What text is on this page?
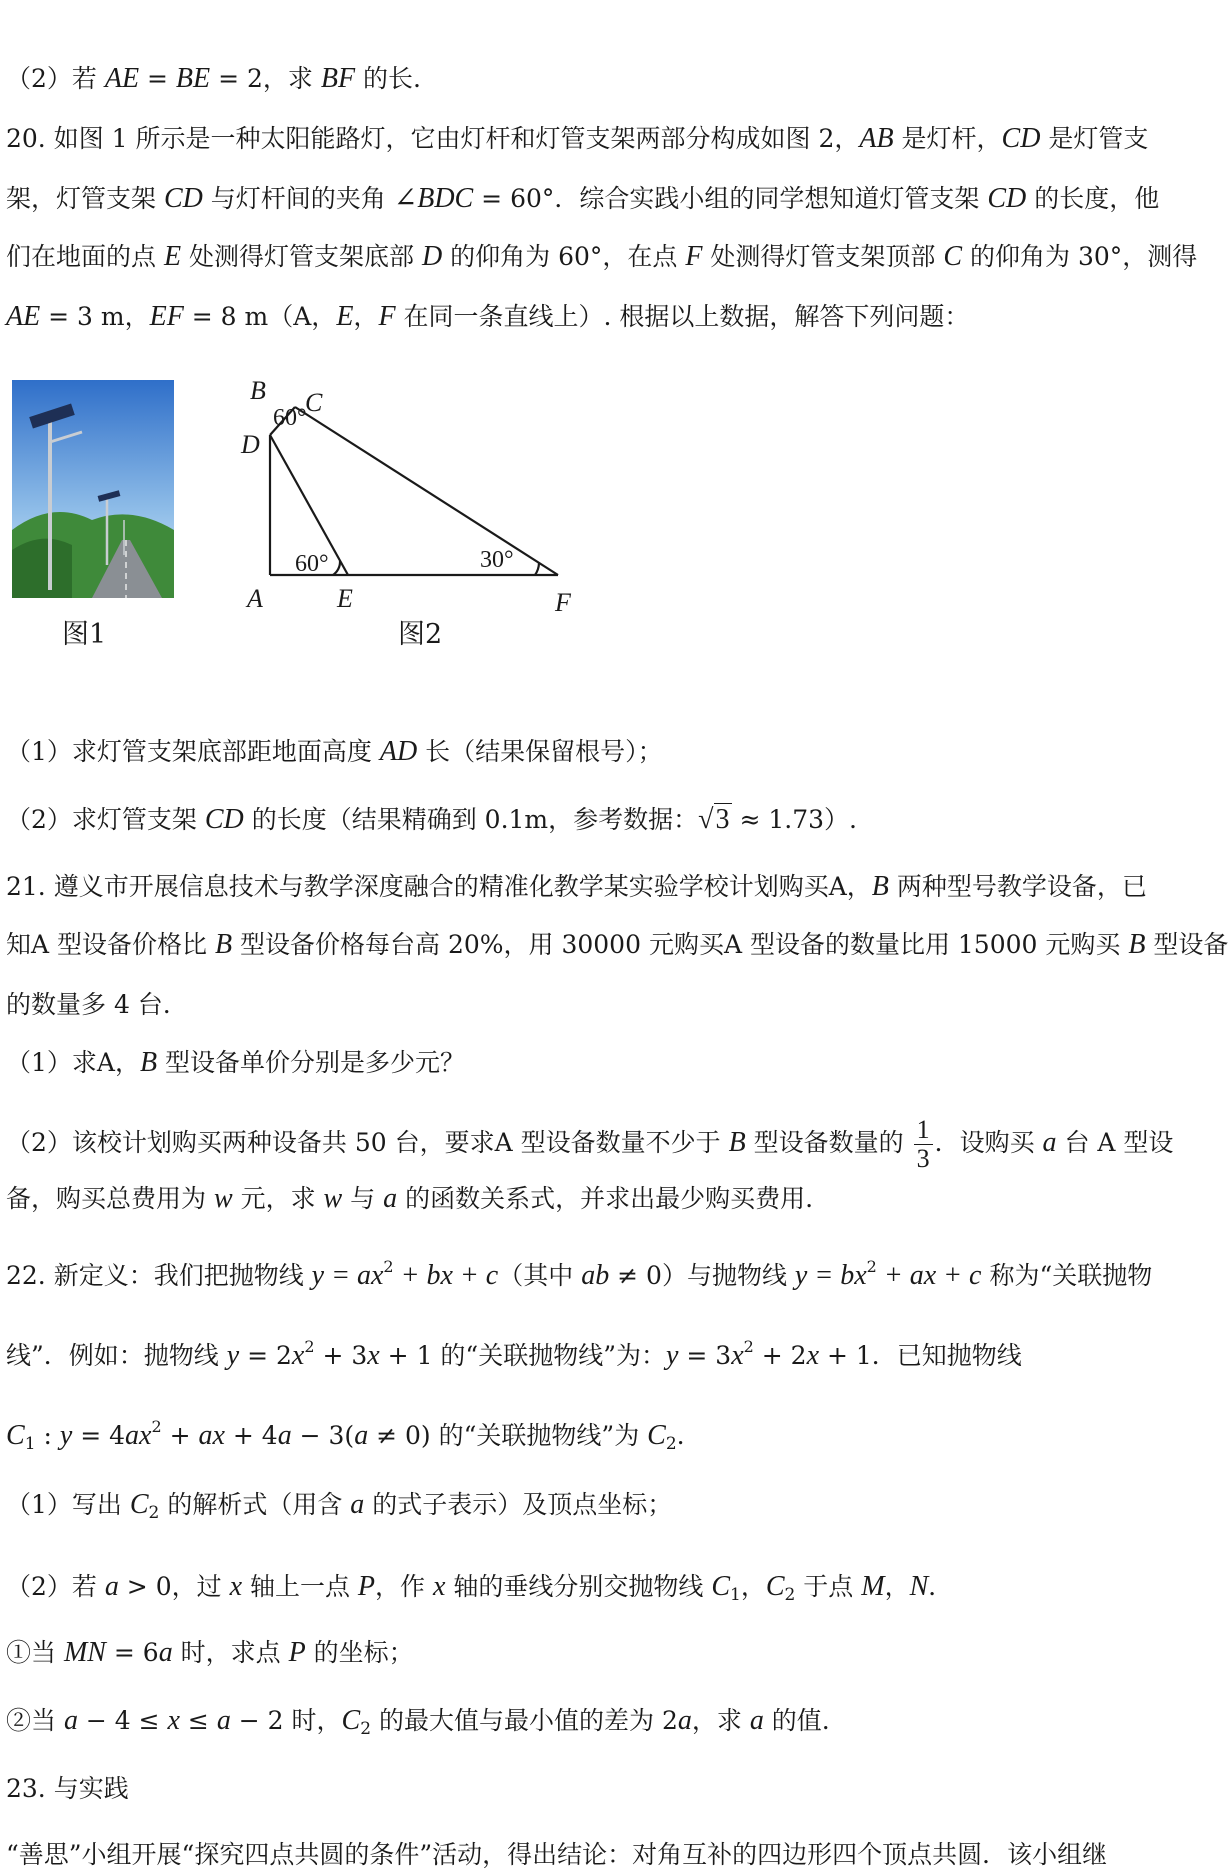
（2）若 AE = BE = 2，求 BF 的长.
20. 如图 1 所示是一种太阳能路灯，它由灯杆和灯管支架两部分构成如图 2，AB 是灯杆，CD 是灯管支
架，灯管支架 CD 与灯杆间的夹角 ∠BDC = 60°．综合实践小组的同学想知道灯管支架 CD 的长度，他
们在地面的点 E 处测得灯管支架底部 D 的仰角为 60°，在点 F 处测得灯管支架顶部 C 的仰角为 30°，测得
AE = 3 m，EF = 8 m（A，E，F 在同一条直线上）. 根据以上数据，解答下列问题：
（1）求灯管支架底部距地面高度 AD 长（结果保留根号）；
（2）求灯管支架 CD 的长度（结果精确到 0.1m，参考数据：√3 ≈ 1.73）.
21. 遵义市开展信息技术与教学深度融合的精准化教学某实验学校计划购买A，B 两种型号教学设备，已
知A 型设备价格比 B 型设备价格每台高 20%，用 30000 元购买A 型设备的数量比用 15000 元购买 B 型设备
的数量多 4 台.
（1）求A，B 型设备单价分别是多少元？
（2）该校计划购买两种设备共 50 台，要求A 型设备数量不少于 B 型设备数量的 $\frac{1}{3}$ ．设购买 a 台 A 型设
备，购买总费用为 w 元，求 w 与 a 的函数关系式，并求出最少购买费用.
22. 新定义：我们把抛物线 $y = ax^2$ + bx + c（其中 ab ≠ 0）与抛物线 $y = bx^2$ + ax + c 称为“关联抛物
线”．例如：抛物线 $y = 2x^2 + 3x + 1$ 的“关联抛物线”为：$y = 3x^2 + 2x + 1$．已知抛物线
$C_1$ : $y = 4ax^2$ + ax + 4a − 3(a ≠ 0) 的“关联抛物线”为 $C_2$.
（1）写出 $C_2$ 的解析式（用含 a 的式子表示）及顶点坐标；
（2）若 a > 0，过 x 轴上一点 P，作 x 轴的垂线分别交抛物线 $C_1$，$C_2$ 于点 M，N．
①当 MN = 6a 时，求点 P 的坐标；
②当 a − 4 ≤ x ≤ a − 2 时，$C_2$ 的最大值与最小值的差为 2a，求 a 的值.
23. 与实践
“善思”小组开展“探究四点共圆的条件”活动，得出结论：对角互补的四边形四个顶点共圆．该小组继
图1
B C
D
A	E	F
60°
60°	30°
图2
